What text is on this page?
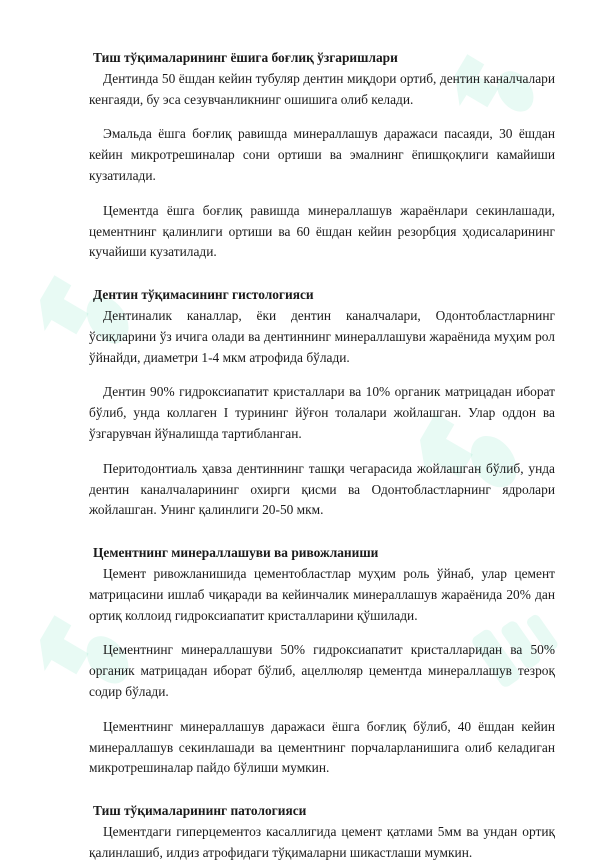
Тиш тўқималарининг ёшига боғлиқ ўзгаришлари

Дентинда 50 ёшдан кейин тубуляр дентин миқдори ортиб, дентин каналчалари кенгаяди, бу эса сезувчанликнинг ошишига олиб келади.

Эмальда ёшга боғлиқ равишда минераллашув даражаси пасаяди, 30 ёшдан кейин микротрешиналар сони ортиши ва эмалнинг ёпишқоқлиги камайиши кузатилади.

Цементда ёшга боғлиқ равишда минераллашув жараёнлари секинлашади, цементнинг қалинлиги ортиши ва 60 ёшдан кейин резорбция ҳодисаларининг кучайиши кузатилади.

Дентин тўқимасининг гистологияси

Дентиналик каналлар, ёки дентин каналчалари, Одонтобластларнинг ўсиқларини ўз ичига олади ва дентиннинг минераллашуви жараёнида муҳим рол ўйнайди, диаметри 1-4 мкм атрофида бўлади.

Дентин 90% гидроксиапатит кристаллари ва 10% органик матрицадан иборат бўлиб, унда коллаген I турининг йўғон толалари жойлашган. Улар оддон ва ўзгарувчан йўналишда тартибланган.

Перитодонтиаль ҳавза дентиннинг ташқи чегарасида жойлашган бўлиб, унда дентин каналчаларининг охирги қисми ва Одонтобластларнинг ядролари жойлашган. Унинг қалинлиги 20-50 мкм.

Цементнинг минераллашуви ва ривожланиши

Цемент ривожланишида цементобластлар муҳим роль ўйнаб, улар цемент матрицасини ишлаб чиқаради ва кейинчалик минераллашув жараёнида 20% дан ортиқ коллоид гидроксиапатит кристалларини қўшилади.

Цементнинг минераллашуви 50% гидроксиапатит кристалларидан ва 50% органик матрицадан иборат бўлиб, ацеллюляр цементда минераллашув тезроқ содир бўлади.

Цементнинг минераллашув даражаси ёшга боғлиқ бўлиб, 40 ёшдан кейин минераллашув секинлашади ва цементнинг порчаларланишига олиб келадиган микротрешиналар пайдо бўлиши мумкин.

Тиш тўқималарининг патологияси

Цементдаги гиперцементоз касаллигида цемент қатлами 5мм ва ундан ортиқ қалинлашиб, илдиз атрофидаги тўқималарни шикастлаши мумкин.
